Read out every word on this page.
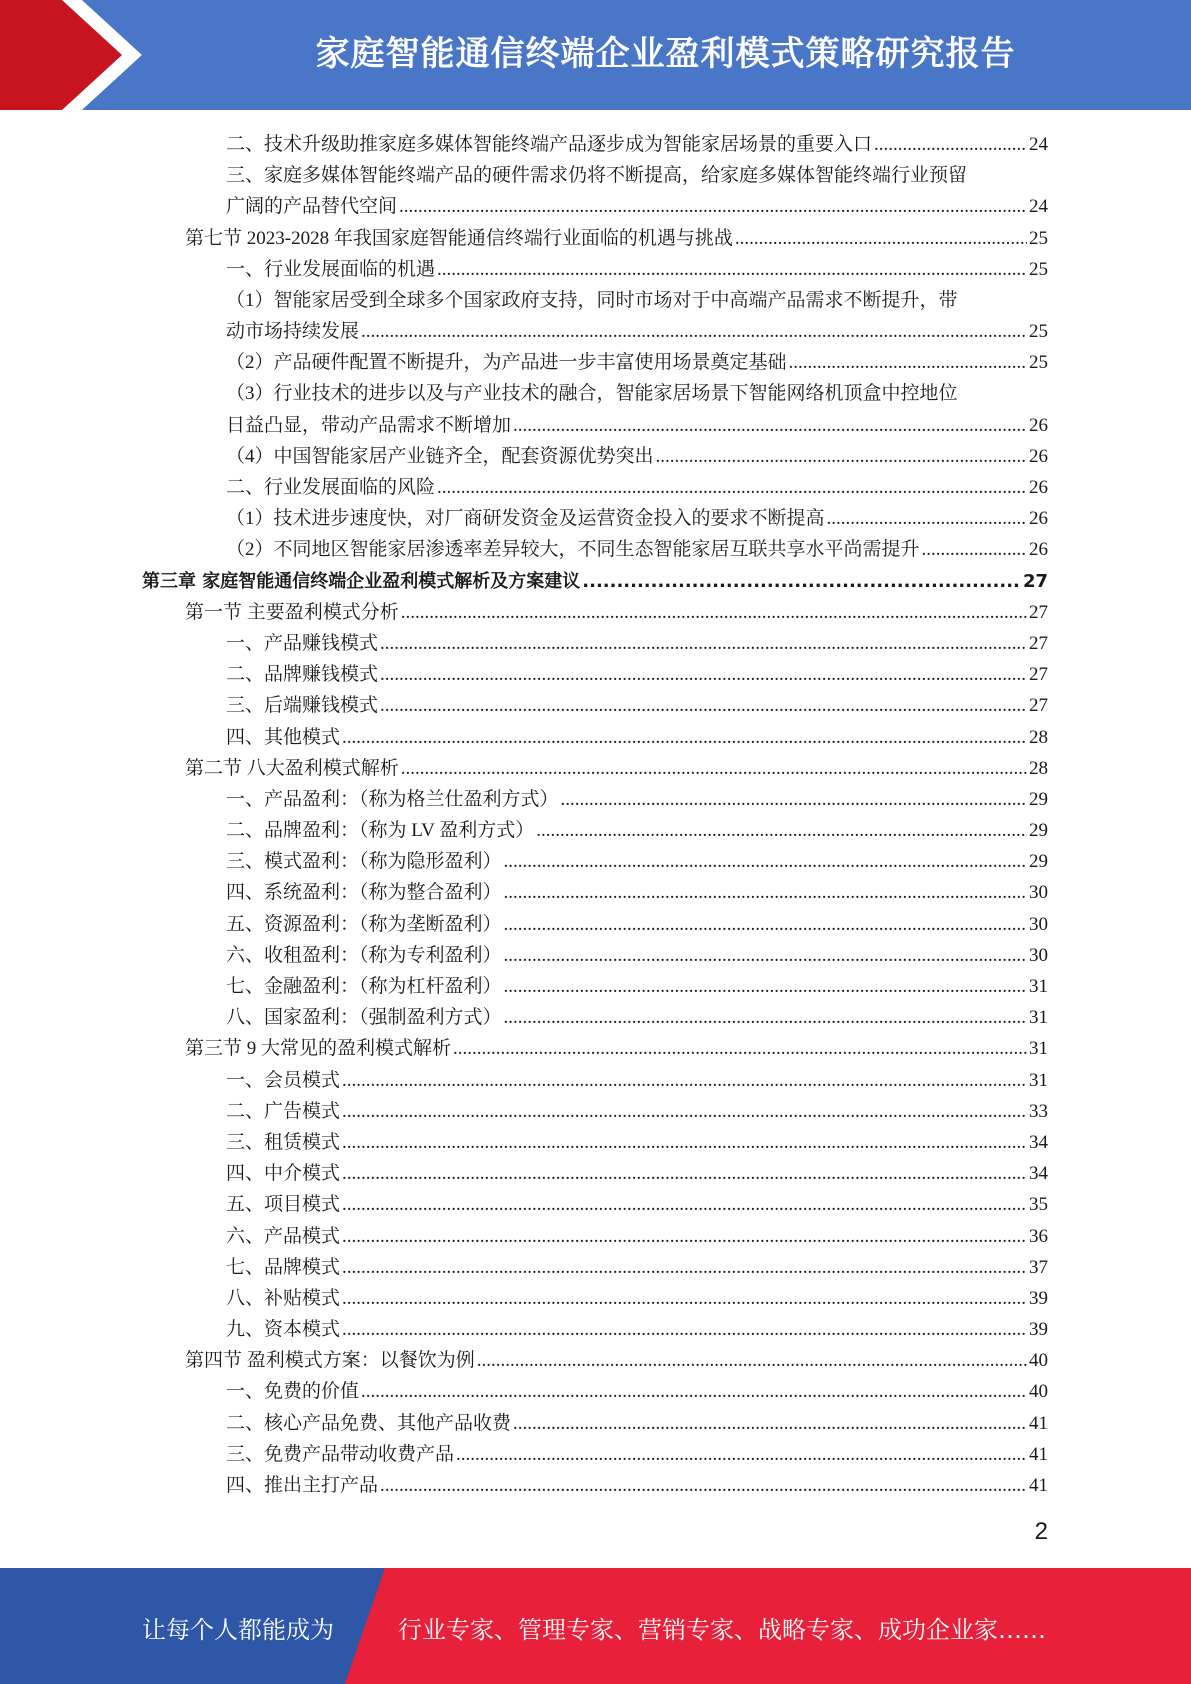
家庭智能通信终端企业盈利模式策略研究报告
二、技术升级助推家庭多媒体智能终端产品逐步成为智能家居场景的重要入口 .....	24
三、家庭多媒体智能终端产品的硬件需求仍将不断提高，给家庭多媒体智能终端行业预留
广阔的产品替代空间 .....	24
第七节 2023-2028 年我国家庭智能通信终端行业面临的机遇与挑战 .....	25
一、行业发展面临的机遇 .....	25
（1）智能家居受到全球多个国家政府支持，同时市场对于中高端产品需求不断提升，带
动市场持续发展 .....	25
（2）产品硬件配置不断提升，为产品进一步丰富使用场景奠定基础 .....	25
（3）行业技术的进步以及与产业技术的融合，智能家居场景下智能网络机顶盒中控地位
日益凸显，带动产品需求不断增加 .....	26
（4）中国智能家居产业链齐全，配套资源优势突出 .....	26
二、行业发展面临的风险 .....	26
（1）技术进步速度快，对厂商研发资金及运营资金投入的要求不断提高 .....	26
（2）不同地区智能家居渗透率差异较大，不同生态智能家居互联共享水平尚需提升 .....	26
第三章 家庭智能通信终端企业盈利模式解析及方案建议 .....	27
第一节 主要盈利模式分析 .....	27
一、产品赚钱模式 .....	27
二、品牌赚钱模式 .....	27
三、后端赚钱模式 .....	27
四、其他模式 .....	28
第二节 八大盈利模式解析 .....	28
一、产品盈利：（称为格兰仕盈利方式） .....	29
二、品牌盈利：（称为 LV 盈利方式） .....	29
三、模式盈利：（称为隐形盈利） .....	29
四、系统盈利：（称为整合盈利） .....	30
五、资源盈利：（称为垄断盈利） .....	30
六、收租盈利：（称为专利盈利） .....	30
七、金融盈利：（称为杠杆盈利） .....	31
八、国家盈利：（强制盈利方式） .....	31
第三节 9 大常见的盈利模式解析 .....	31
一、会员模式 .....	31
二、广告模式 .....	33
三、租赁模式 .....	34
四、中介模式 .....	34
五、项目模式 .....	35
六、产品模式 .....	36
七、品牌模式 .....	37
八、补贴模式 .....	39
九、资本模式 .....	39
第四节 盈利模式方案：以餐饮为例 .....	40
一、免费的价值 .....	40
二、核心产品免费、其他产品收费 .....	41
三、免费产品带动收费产品 .....	41
四、推出主打产品 .....	41
2
让每个人都能成为	行业专家、管理专家、营销专家、战略专家、成功企业家……
